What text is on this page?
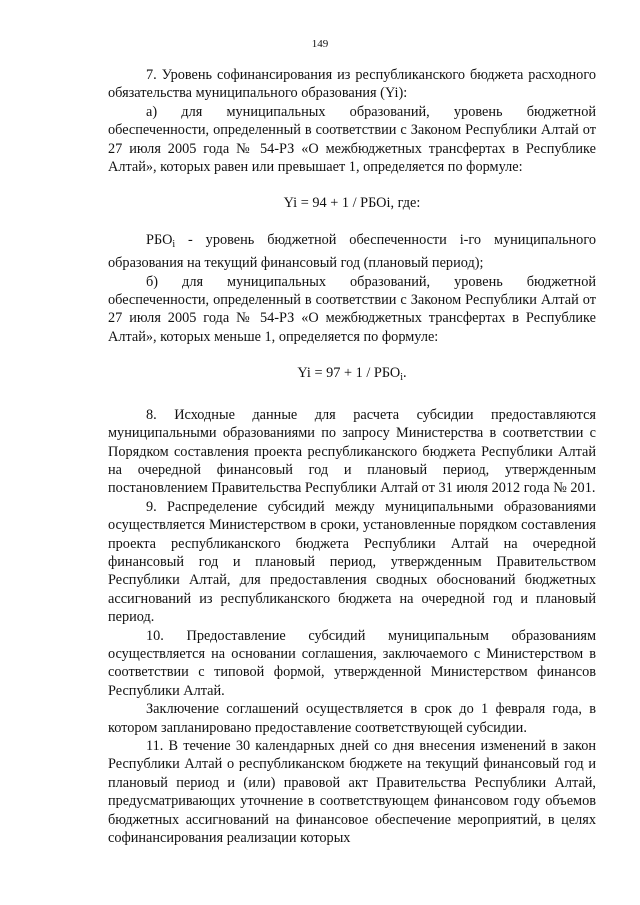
149

7. Уровень софинансирования из республиканского бюджета расходного обязательства муниципального образования (Yi):

а) для муниципальных образований, уровень бюджетной обеспеченности, определенный в соответствии с Законом Республики Алтай от 27 июля 2005 года № 54-РЗ «О межбюджетных трансфертах в Республике Алтай», которых равен или превышает 1, определяется по формуле:

Yi = 94 + 1 / РБОi, где:

$РБО_i$ - уровень бюджетной обеспеченности i-го муниципального образования на текущий финансовый год (плановый период);

б) для муниципальных образований, уровень бюджетной обеспеченности, определенный в соответствии с Законом Республики Алтай от 27 июля 2005 года № 54-РЗ «О межбюджетных трансфертах в Республике Алтай», которых меньше 1, определяется по формуле:

$Yi = 97 + 1 / РБО_i$.

8. Исходные данные для расчета субсидии предоставляются муниципальными образованиями по запросу Министерства в соответствии с Порядком составления проекта республиканского бюджета Республики Алтай на очередной финансовый год и плановый период, утвержденным постановлением Правительства Республики Алтай от 31 июля 2012 года № 201.

9. Распределение субсидий между муниципальными образованиями осуществляется Министерством в сроки, установленные порядком составления проекта республиканского бюджета Республики Алтай на очередной финансовый год и плановый период, утвержденным Правительством Республики Алтай, для предоставления сводных обоснований бюджетных ассигнований из республиканского бюджета на очередной год и плановый период.

10. Предоставление субсидий муниципальным образованиям осуществляется на основании соглашения, заключаемого с Министерством в соответствии с типовой формой, утвержденной Министерством финансов Республики Алтай.

Заключение соглашений осуществляется в срок до 1 февраля года, в котором запланировано предоставление соответствующей субсидии.

11. В течение 30 календарных дней со дня внесения изменений в закон Республики Алтай о республиканском бюджете на текущий финансовый год и плановый период и (или) правовой акт Правительства Республики Алтай, предусматривающих уточнение в соответствующем финансовом году объемов бюджетных ассигнований на финансовое обеспечение мероприятий, в целях софинансирования реализации которых
